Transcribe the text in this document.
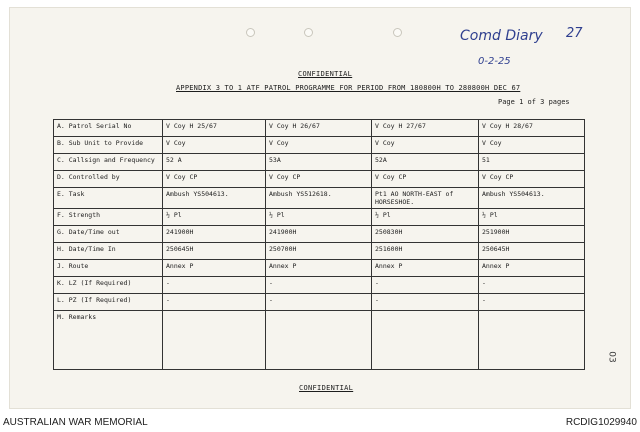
Comd Diary 27
0-2-25
CONFIDENTIAL
APPENDIX 3 TO 1 ATF PATROL PROGRAMME FOR PERIOD FROM 180800H TO 280800H DEC 67
Page 1 of 3 pages
A. Patrol Serial No	V Coy H 25/67	V Coy H 26/67	V Coy H 27/67	V Coy H 28/67
B. Sub Unit to Provide	V Coy	V Coy	V Coy	V Coy
C. Callsign and Frequency	52 A	53A	52A	51
D. Controlled by	V Coy CP	V Coy CP	V Coy CP	V Coy CP
E. Task	Ambush YS504613.	Ambush YS512618.	Pt1 AO NORTH-EAST of HORSESHOE.	Ambush YS504613.
F. Strength	½ Pl	½ Pl	½ Pl	½ Pl
G. Date/Time out	241900H	241900H	250830H	251900H
H. Date/Time In	250645H	250700H	251600H	250645H
J. Route	Annex P	Annex P	Annex P	Annex P
K. LZ (If Required)	-	-	-	-
L. PZ (If Required)	-	-	-	-
M. Remarks				
03
CONFIDENTIAL
AUSTRALIAN WAR MEMORIAL	RCDIG1029940
